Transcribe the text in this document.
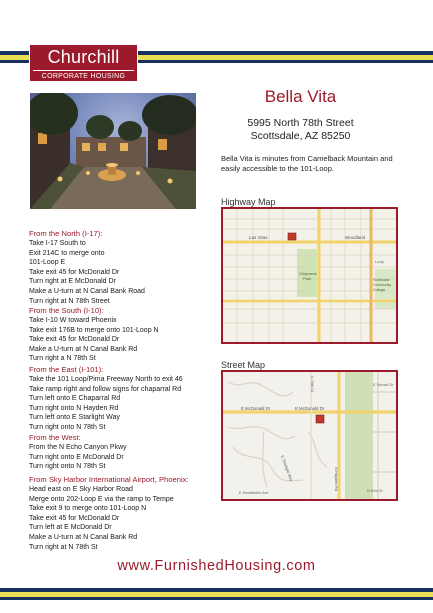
Churchill
CORPORATE HOUSING
Bella Vita
5995 North 78th Street
Scottsdale, AZ 85250
Bella Vita is minutes from Camelback Mountain and easily accessible to the 101-Loop.
Highway Map
Las Vitas	Woodland
Chaparral
Park	Scottsdale
Community
College
Loop
Street Map
E McDonald Dr	E McDonald Dr
E Starlight Way
E Montebello Ave
N Hayden Rd
N 78th St	E Sunset Dr
N 81st St
From the North (I-17):
Take I-17 South to
Exit 214C to merge onto
101-Loop E
Take exit 45 for McDonald Dr
Turn right at E McDonald Dr
Make a U-turn at N Canal Bank Road
Turn right at N 78th Street
From the South (I-10):
Take I-10 W toward Phoenix
Take exit 176B to merge onto 101-Loop N
Take exit 45 for McDonald Dr
Make a U-turn at N Canal Bank Rd
Turn right a N 78th St
From the East (I-101):
Take the 101 Loop/Pima Freeway North to exit 46
Take ramp right and follow signs for chaparral Rd
Turn left onto E Chaparral Rd
Turn right onto N Hayden Rd
Turn left onto E Starlight Way
Turn right onto N 78th St
From the West:
From the N Echo Canyon Pkwy
Turn right onto E McDonald Dr
Turn right onto N 78th St
From Sky Harbor International Airport, Phoenix:
Head east on E Sky Harbor Road
Merge onto 202-Loop E via the ramp to Tempe
Take exit 9 to merge onto 101-Loop N
Take exit 45 for McDonald Dr
Turn left at E McDonald Dr
Make a U-turn at N Canal Bank Rd
Turn right at N 78th St
www.FurnishedHousing.com
